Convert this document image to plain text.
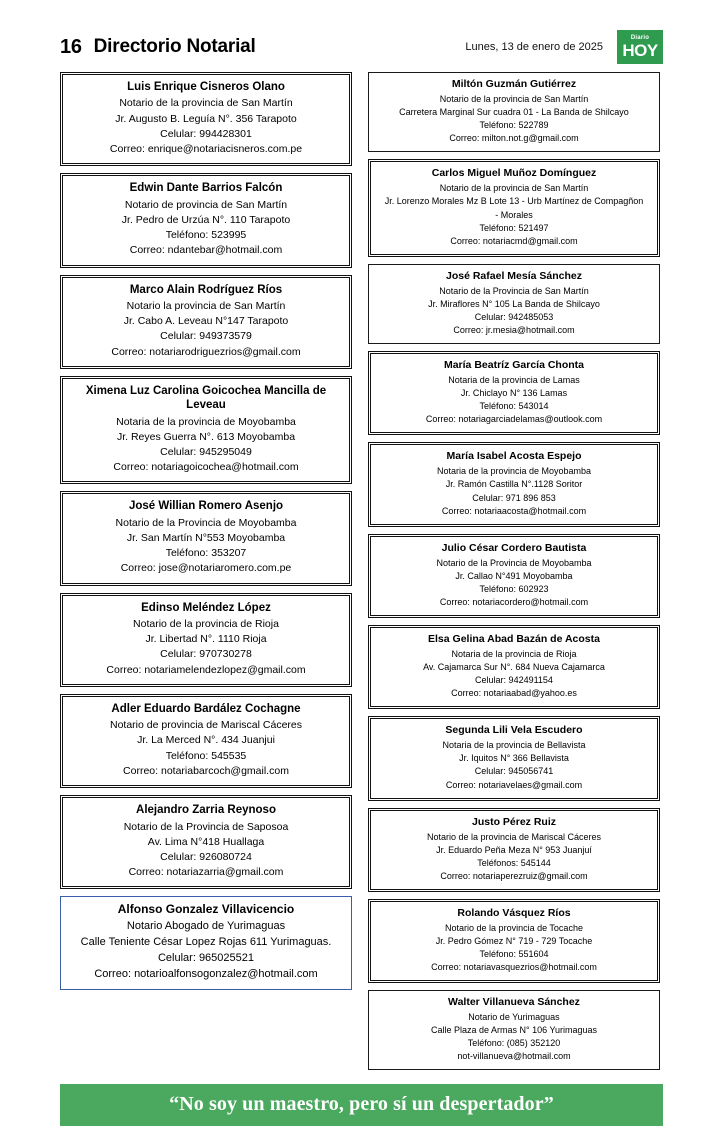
16 Directorio Notarial	Lunes, 13 de enero de 2025
Diario
HOY
Luis Enrique Cisneros Olano
Notario de la provincia de San Martín
Jr. Augusto B. Leguía N°. 356 Tarapoto
Celular: 994428301
Correo: enrique@notariacisneros.com.pe
Edwin Dante Barrios Falcón
Notario de provincia de San Martín
Jr. Pedro de Urzúa N°. 110 Tarapoto
Teléfono: 523995
Correo: ndantebar@hotmail.com
Marco Alain Rodríguez Ríos
Notario la provincia de San Martín
Jr. Cabo A. Leveau N°147 Tarapoto
Celular: 949373579
Correo: notariarodriguezrios@gmail.com
Ximena Luz Carolina Goicochea Mancilla de Leveau
Notaria de la provincia de Moyobamba
Jr. Reyes Guerra N°. 613 Moyobamba
Celular: 945295049
Correo: notariagoicochea@hotmail.com
José Willian Romero Asenjo
Notario de la Provincia de Moyobamba
Jr. San Martín N°553 Moyobamba
Teléfono: 353207
Correo: jose@notariaromero.com.pe
Edinso Meléndez López
Notario de la provincia de Rioja
Jr. Libertad N°. 1110 Rioja
Celular: 970730278
Correo: notariamelendezlopez@gmail.com
Adler Eduardo Bardález Cochagne
Notario de provincia de Mariscal Cáceres
Jr. La Merced N°. 434 Juanjui
Teléfono: 545535
Correo: notariabarcoch@gmail.com
Alejandro Zarria Reynoso
Notario de la Provincia de Saposoa
Av. Lima N°418 Huallaga
Celular: 926080724
Correo: notariazarria@gmail.com
Alfonso Gonzalez Villavicencio
Notario Abogado de Yurimaguas
Calle Teniente César Lopez Rojas 611 Yurimaguas.
Celular: 965025521
Correo: notarioalfonsogonzalez@hotmail.com
Miltón Guzmán Gutiérrez
Notario de la provincia de San Martín
Carretera Marginal Sur cuadra 01 - La Banda de Shilcayo
Teléfono: 522789
Correo: milton.not.g@gmail.com
Carlos Miguel Muñoz Domínguez
Notario de la provincia de San Martín
Jr. Lorenzo Morales Mz B Lote 13 - Urb Martínez de Compagñon
- Morales
Teléfono: 521497
Correo: notariacmd@gmail.com
José Rafael Mesía Sánchez
Notario de la Provincia de San Martín
Jr. Miraflores N° 105 La Banda de Shilcayo
Celular: 942485053
Correo: jr.mesia@hotmail.com
María Beatríz García Chonta
Notaria de la provincia de Lamas
Jr. Chiclayo N° 136 Lamas
Teléfono: 543014
Correo: notariagarciadelamas@outlook.com
María Isabel Acosta Espejo
Notaria de la provincia de Moyobamba
Jr. Ramón Castilla N°.1128 Soritor
Celular: 971 896 853
Correo: notariaacosta@hotmail.com
Julio César Cordero Bautista
Notario de la Provincia de Moyobamba
Jr. Callao N°491 Moyobamba
Teléfono: 602923
Correo: notariacordero@hotmail.com
Elsa Gelina Abad Bazán de Acosta
Notaria de la provincia de Rioja
Av. Cajamarca Sur N°. 684 Nueva Cajamarca
Celular: 942491154
Correo: notariaabad@yahoo.es
Segunda Lili Vela Escudero
Notaria de la provincia de Bellavista
Jr. Iquitos N° 366 Bellavista
Celular: 945056741
Correo: notariavelaes@gmail.com
Justo Pérez Ruiz
Notario de la provincia de Mariscal Cáceres
Jr. Eduardo Peña Meza N° 953 Juanjuí
Teléfonos: 545144
Correo: notariaperezruiz@gmail.com
Rolando Vásquez Ríos
Notario de la provincia de Tocache
Jr. Pedro Gómez N° 719 - 729 Tocache
Teléfono: 551604
Correo: notariavasquezrios@hotmail.com
Walter Villanueva Sánchez
Notario de Yurimaguas
Calle Plaza de Armas N° 106 Yurimaguas
Teléfono: (085) 352120
not-villanueva@hotmail.com
“No soy un maestro, pero sí un despertador”
